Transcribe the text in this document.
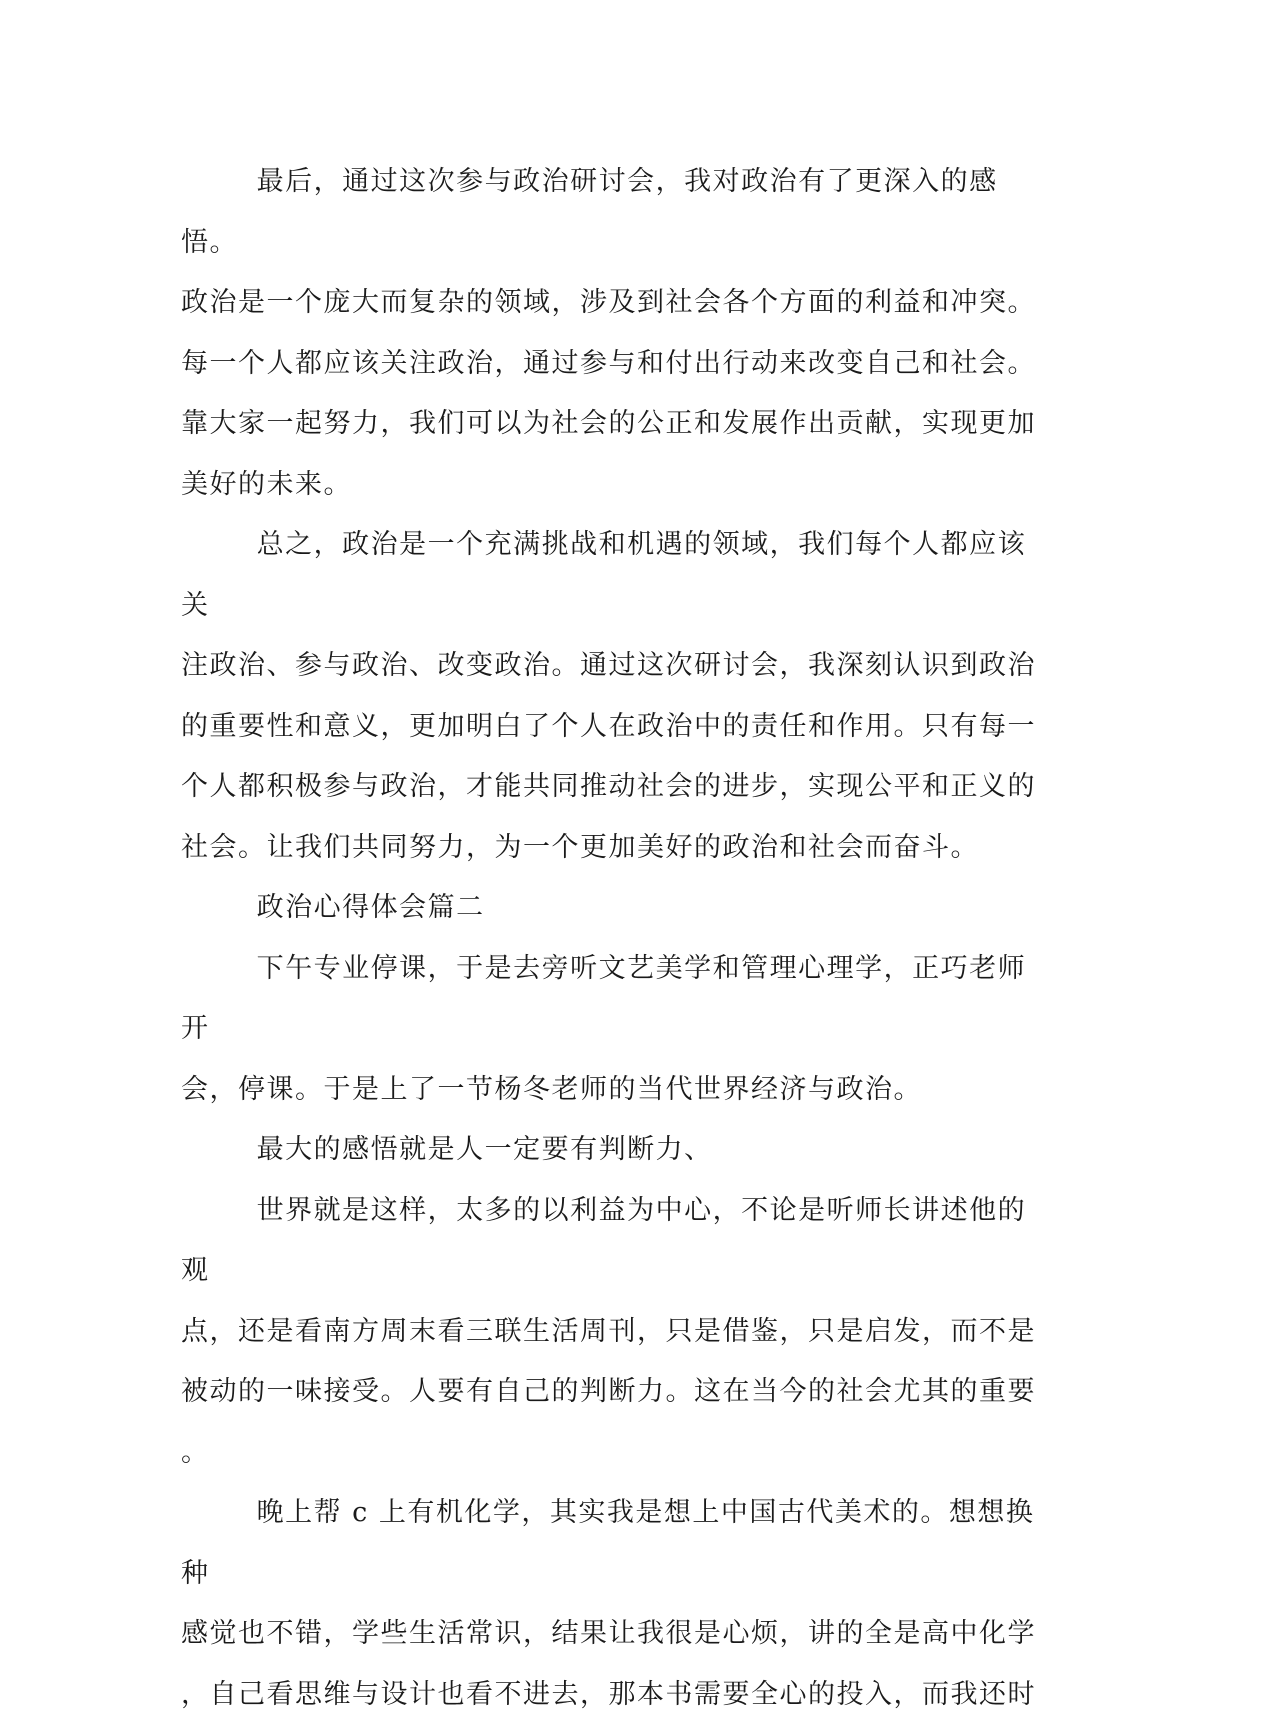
最后，通过这次参与政治研讨会，我对政治有了更深入的感悟。
政治是一个庞大而复杂的领域，涉及到社会各个方面的利益和冲突。
每一个人都应该关注政治，通过参与和付出行动来改变自己和社会。
靠大家一起努力，我们可以为社会的公正和发展作出贡献，实现更加
美好的未来。

总之，政治是一个充满挑战和机遇的领域，我们每个人都应该关
注政治、参与政治、改变政治。通过这次研讨会，我深刻认识到政治
的重要性和意义，更加明白了个人在政治中的责任和作用。只有每一
个人都积极参与政治，才能共同推动社会的进步，实现公平和正义的
社会。让我们共同努力，为一个更加美好的政治和社会而奋斗。

政治心得体会篇二

下午专业停课，于是去旁听文艺美学和管理心理学，正巧老师开
会，停课。于是上了一节杨冬老师的当代世界经济与政治。

最大的感悟就是人一定要有判断力、

世界就是这样，太多的以利益为中心，不论是听师长讲述他的观
点，还是看南方周末看三联生活周刊，只是借鉴，只是启发，而不是
被动的一味接受。人要有自己的判断力。这在当今的社会尤其的重要
。

晚上帮 c 上有机化学，其实我是想上中国古代美术的。想想换种
感觉也不错，学些生活常识，结果让我很是心烦，讲的全是高中化学
，自己看思维与设计也看不进去，那本书需要全心的投入，而我还时
